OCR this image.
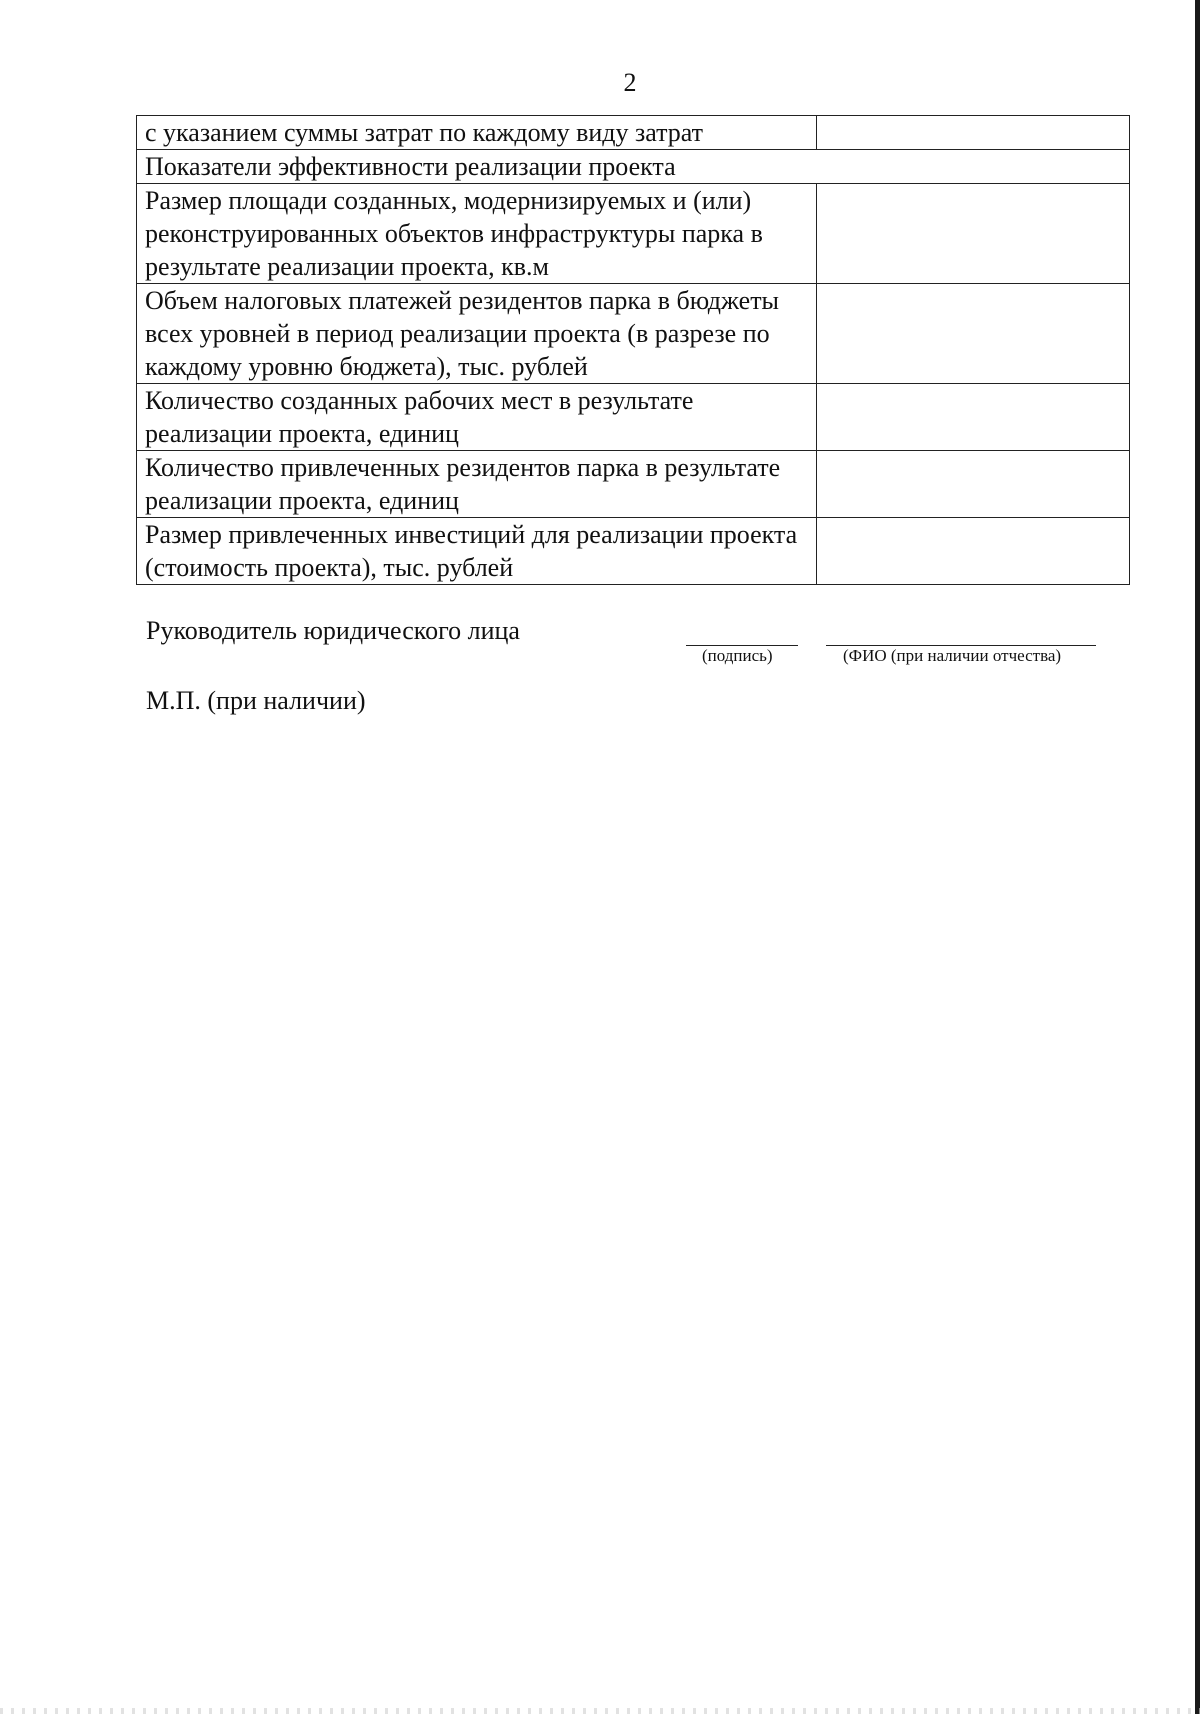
2
с указанием суммы затрат по каждому виду затрат	
Показатели эффективности реализации проекта	
Размер площади созданных, модернизируемых и (или) реконструированных объектов инфраструктуры парка в результате реализации проекта, кв.м	
Объем налоговых платежей резидентов парка в бюджеты всех уровней в период реализации проекта (в разрезе по каждому уровню бюджета), тыс. рублей	
Количество созданных рабочих мест в результате реализации проекта, единиц	
Количество привлеченных резидентов парка в результате реализации проекта, единиц	
Размер привлеченных инвестиций для реализации проекта (стоимость проекта), тыс. рублей	
Руководитель юридического лица
(подпись)	(ФИО (при наличии отчества)
М.П. (при наличии)
